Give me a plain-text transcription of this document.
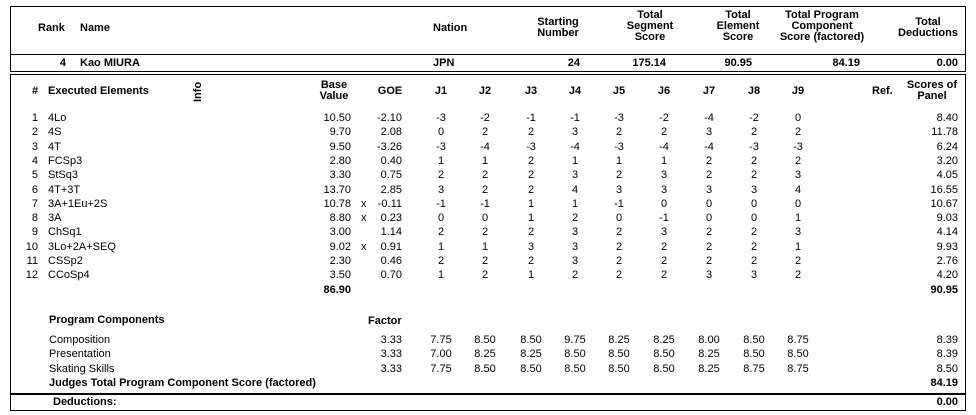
Rank Name	Nation	Starting
Number
Total
Segment
Score
Total
Element
Score
Total Program
Component
Score (factored)
Total
Deductions
4 Kao MIURA	JPN	24	175.14	90.95	84.19	0.00
# Executed Elements	Info	Base
Value	GOE	J1	J2	J3	J4	J5	J6	J7	J8	J9	Ref.	Scores of
Panel
1 4Lo	10.50	-2.10	-3	-2	-1	-1	-3	-2	-4	-2	0	8.40
2 4S	9.70	2.08	0	2	2	3	2	2	3	2	2	11.78
3 4T	9.50	-3.26	-3	-4	-3	-4	-3	-4	-4	-3	-3	6.24
4 FCSp3	2.80	0.40	1	1	2	1	1	1	2	2	2	3.20
5 StSq3	3.30	0.75	2	2	2	3	2	3	2	2	3	4.05
6 4T+3T	13.70	2.85	3	2	2	4	3	3	3	3	4	16.55
7 3A+1Eu+2S	10.78 x	-0.11	-1	-1	1	1	-1	0	0	0	0	10.67
8 3A	8.80 x	0.23	0	0	1	2	0	-1	0	0	1	9.03
9 ChSq1	3.00	1.14	2	2	2	3	2	3	2	2	3	4.14
10 3Lo+2A+SEQ	9.02 x	0.91	1	1	3	3	2	2	2	2	1	9.93
11 CSSp2	2.30	0.46	2	2	2	3	2	2	2	2	2	2.76
12 CCoSp4	3.50	0.70	1	2	1	2	2	2	3	3	2	4.20
86.90	90.95
Program Components	Factor
Composition	3.33	7.75	8.50	8.50	9.75	8.25	8.25	8.00	8.50	8.75	8.39
Presentation	3.33	7.00	8.25	8.25	8.50	8.50	8.50	8.25	8.50	8.50	8.39
Skating Skills	3.33	7.75	8.50	8.50	8.50	8.50	8.50	8.25	8.75	8.75	8.50
Judges Total Program Component Score (factored)	84.19
Deductions:	0.00
